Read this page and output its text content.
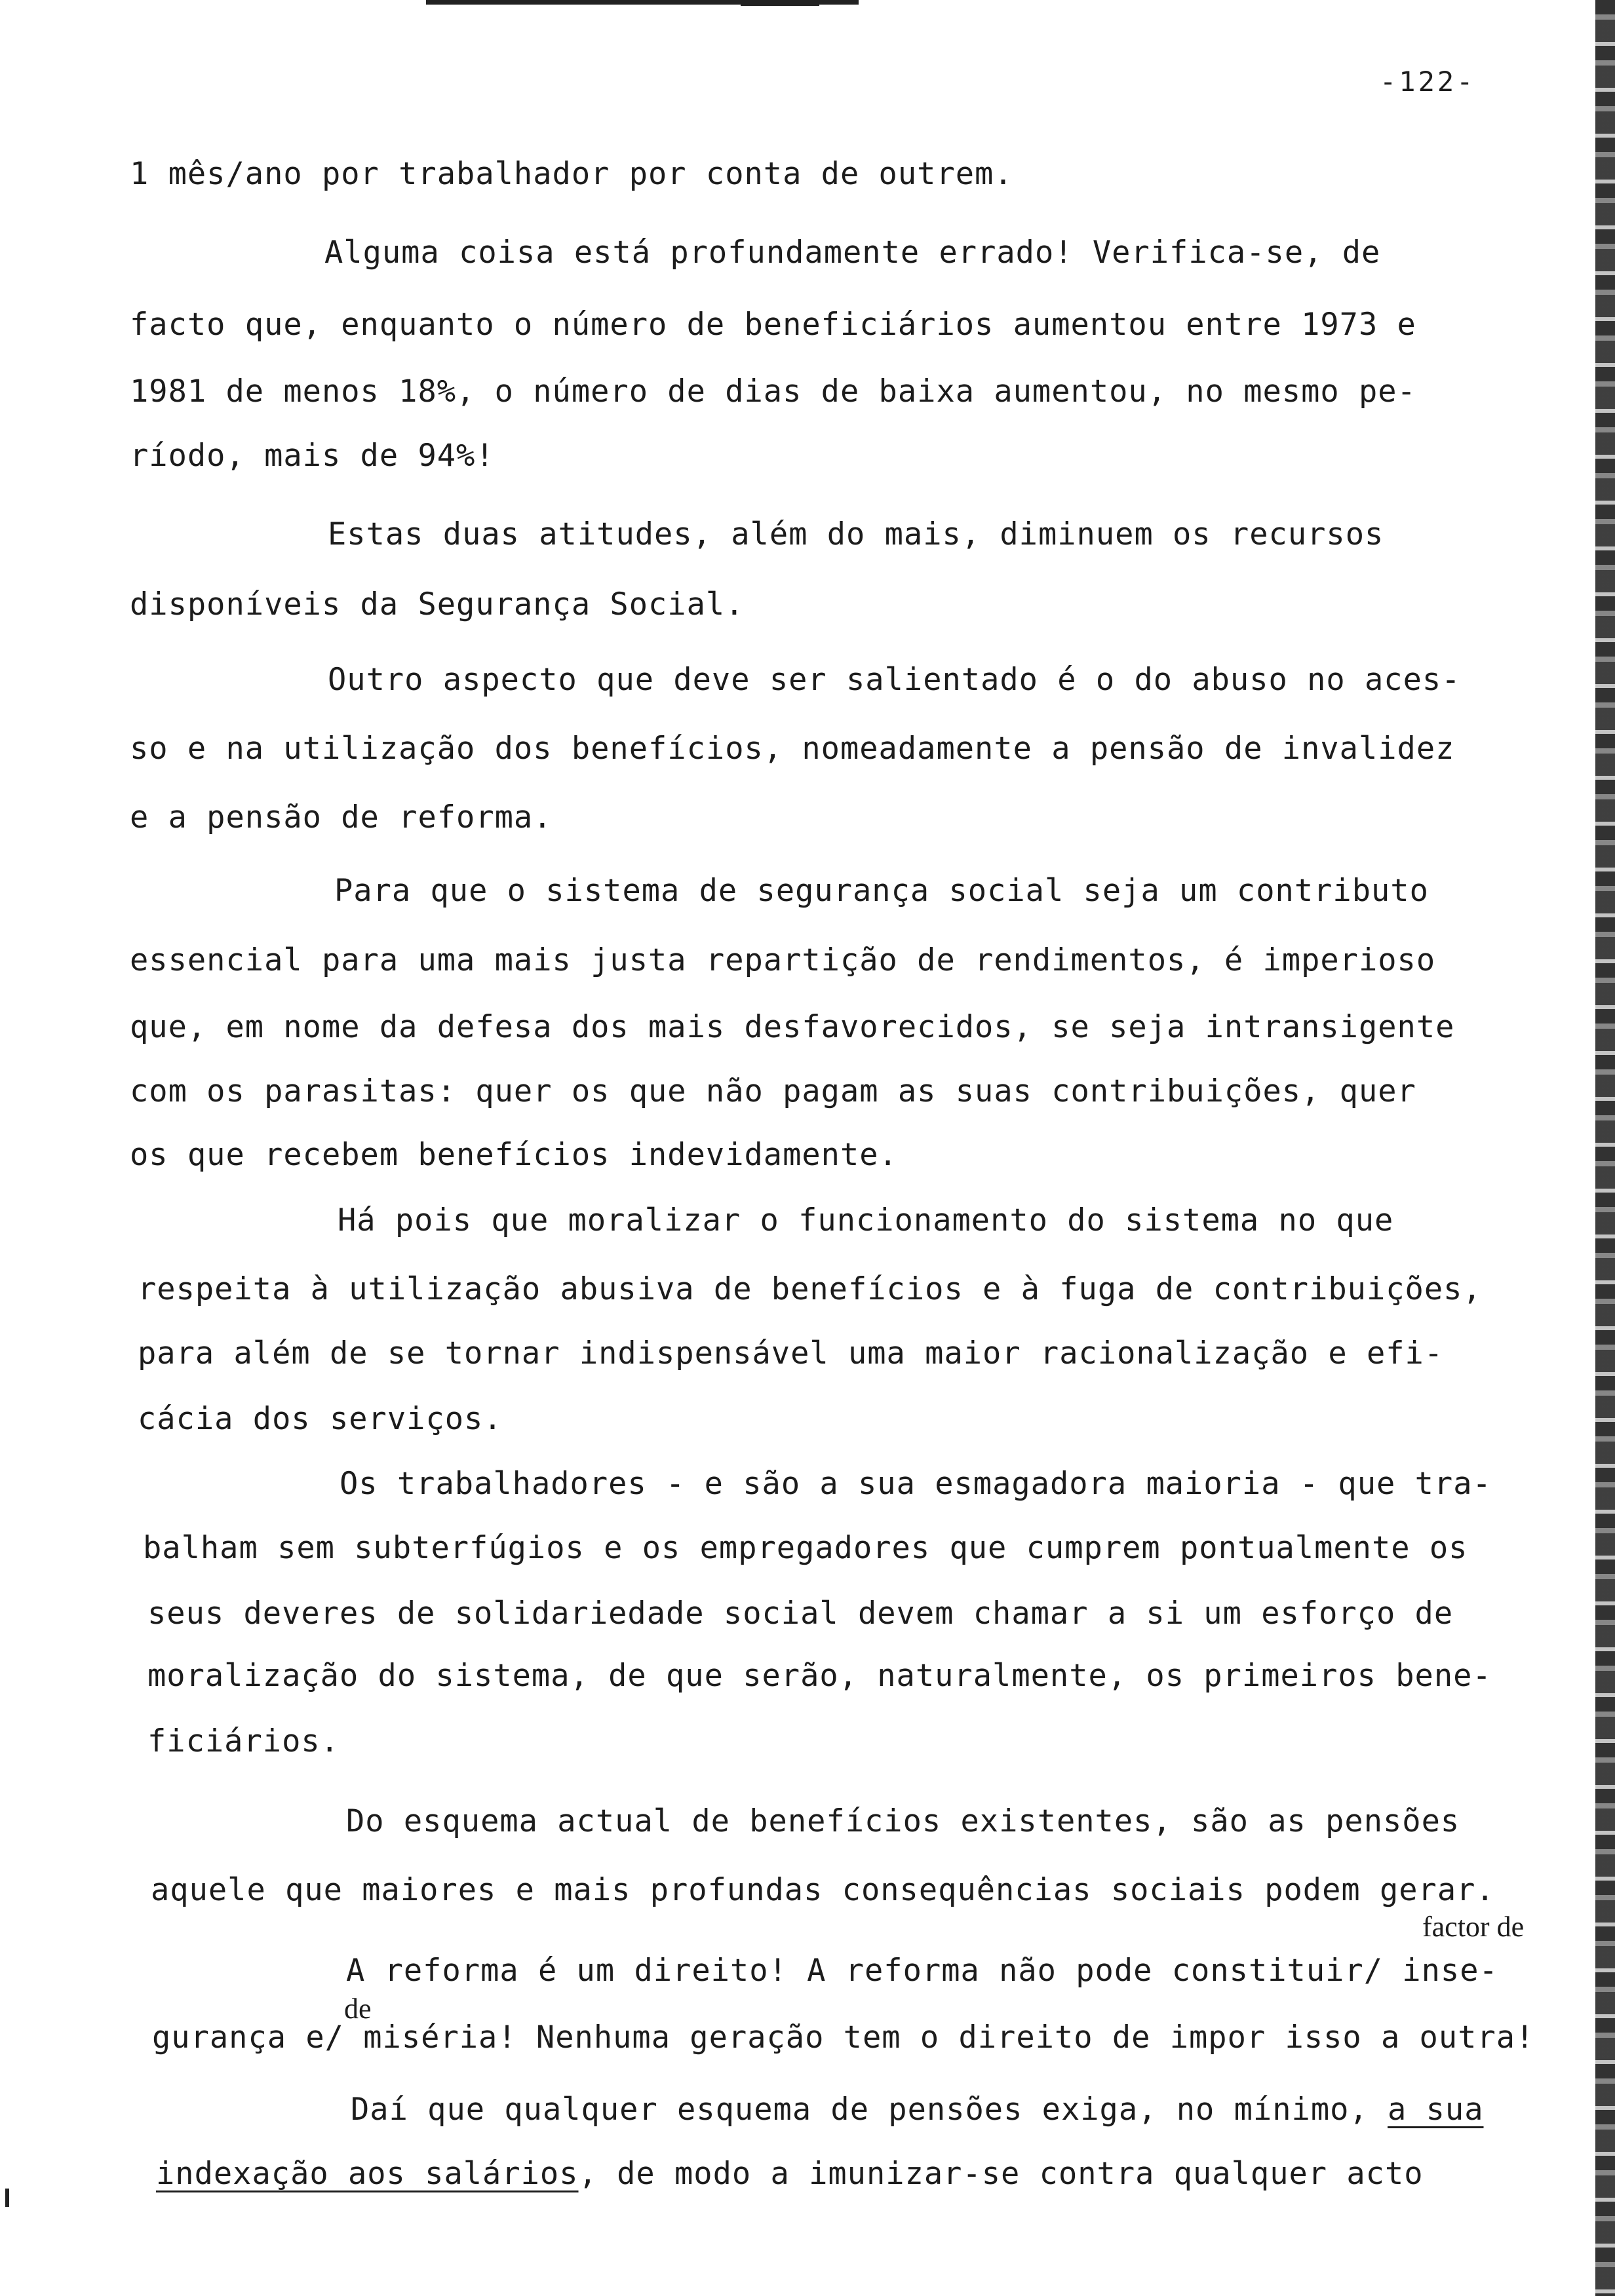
-122-
1 mês/ano por trabalhador por conta de outrem.
Alguma coisa está profundamente errado! Verifica-se, de
facto que, enquanto o número de beneficiários aumentou entre 1973 e
1981 de menos 18%, o número de dias de baixa aumentou, no mesmo pe-
ríodo, mais de 94%!
Estas duas atitudes, além do mais, diminuem os recursos
disponíveis da Segurança Social.
Outro aspecto que deve ser salientado é o do abuso no aces-
so e na utilização dos benefícios, nomeadamente a pensão de invalidez
e a pensão de reforma.
Para que o sistema de segurança social seja um contributo
essencial para uma mais justa repartição de rendimentos, é imperioso
que, em nome da defesa dos mais desfavorecidos, se seja intransigente
com os parasitas: quer os que não pagam as suas contribuições, quer
os que recebem benefícios indevidamente.
Há pois que moralizar o funcionamento do sistema no que
respeita à utilização abusiva de benefícios e à fuga de contribuições,
para além de se tornar indispensável uma maior racionalização e efi-
cácia dos serviços.
Os trabalhadores - e são a sua esmagadora maioria - que tra-
balham sem subterfúgios e os empregadores que cumprem pontualmente os
seus deveres de solidariedade social devem chamar a si um esforço de
moralização do sistema, de que serão, naturalmente, os primeiros bene-
ficiários.
Do esquema actual de benefícios existentes, são as pensões
aquele que maiores e mais profundas consequências sociais podem gerar.
factor de
A reforma é um direito! A reforma não pode constituir/ inse-
de
gurança e/ miséria! Nenhuma geração tem o direito de impor isso a outra!
Daí que qualquer esquema de pensões exiga, no mínimo, a sua
indexação aos salários, de modo a imunizar-se contra qualquer acto
